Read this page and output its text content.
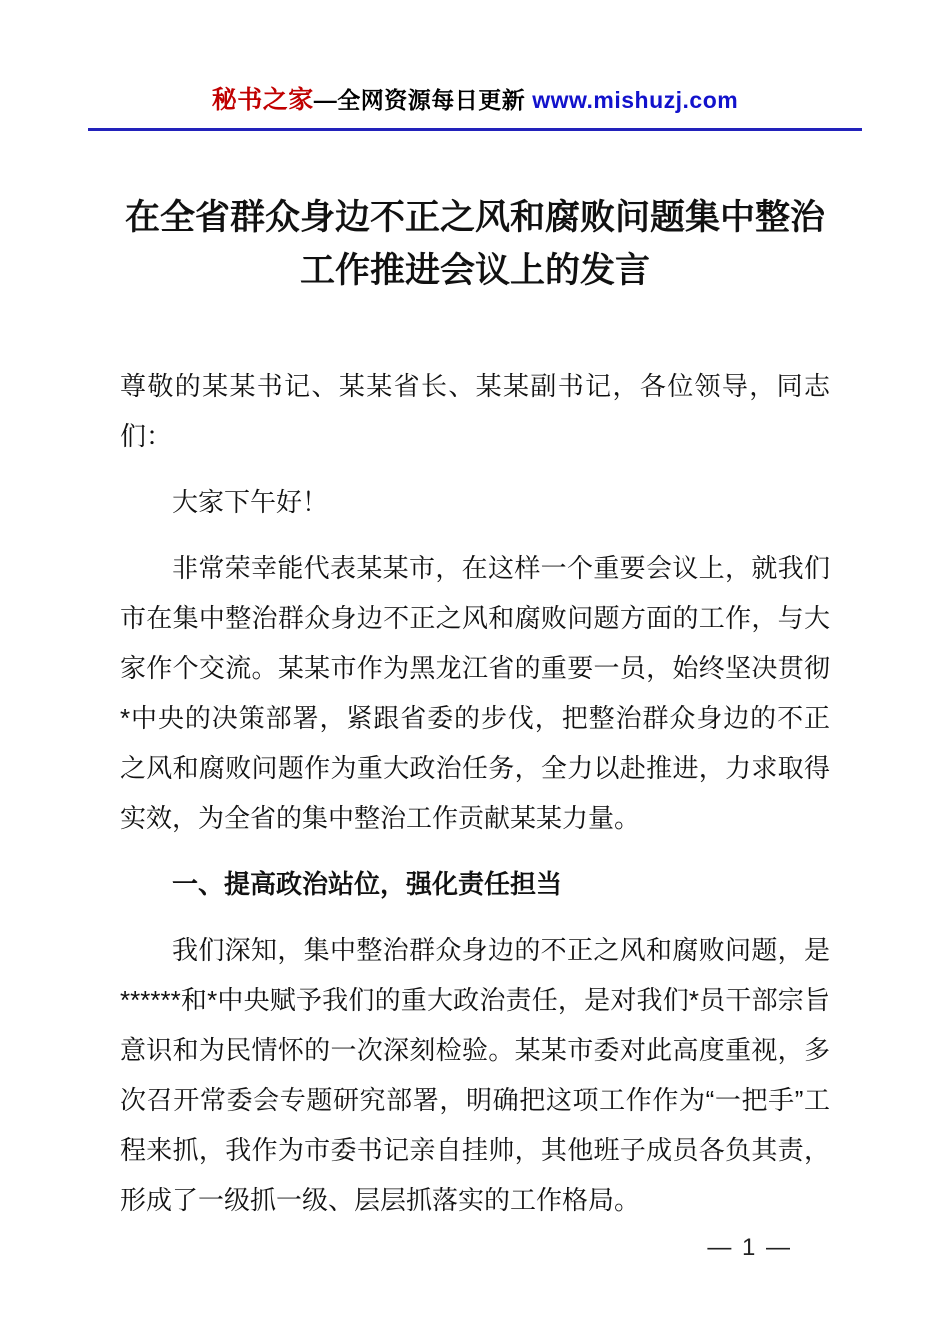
秘书之家—全网资源每日更新 www.mishuzj.com
在全省群众身边不正之风和腐败问题集中整治工作推进会议上的发言

尊敬的某某书记、某某省长、某某副书记，各位领导，同志们：

大家下午好！

非常荣幸能代表某某市，在这样一个重要会议上，就我们市在集中整治群众身边不正之风和腐败问题方面的工作，与大家作个交流。某某市作为黑龙江省的重要一员，始终坚决贯彻*中央的决策部署，紧跟省委的步伐，把整治群众身边的不正之风和腐败问题作为重大政治任务，全力以赴推进，力求取得实效，为全省的集中整治工作贡献某某力量。

一、提高政治站位，强化责任担当

我们深知，集中整治群众身边的不正之风和腐败问题，是******和*中央赋予我们的重大政治责任，是对我们*员干部宗旨意识和为民情怀的一次深刻检验。某某市委对此高度重视，多次召开常委会专题研究部署，明确把这项工作作为“一把手”工程来抓，我作为市委书记亲自挂帅，其他班子成员各负其责，形成了一级抓一级、层层抓落实的工作格局。

— 1 —
